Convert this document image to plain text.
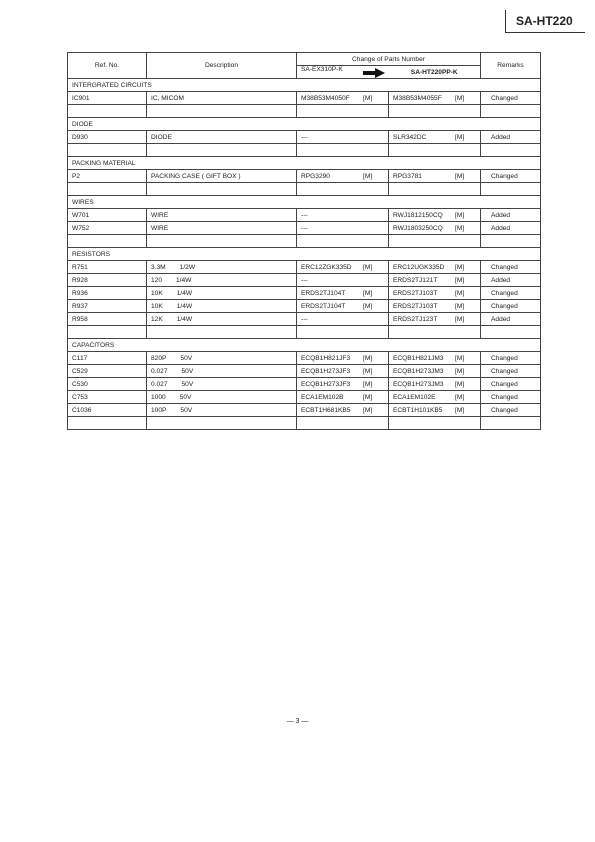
SA-HT220
Ref. No.	Description	Change of Parts Number		Remarks
		SA-EX310P-K	SA-HT220PP-K	
INTERGRATED CIRCUITS				
IC901	IC, MICOM	M38B53M4050F [M]	M38B53M4055F [M]	Changed

DIODE				
D930	DIODE	---	SLR342DC [M]	Added

PACKING MATERIAL				
P2	PACKING CASE ( GIFT BOX )	RPG3290 [M]	RPG3781 [M]	Changed

WIRES				
W701	WIRE	---	RWJ1812150CQ [M]	Added
W752	WIRE	---	RWJ1803250CQ [M]	Added

RESISTORS				
R751	3.3M 1/2W	ERC12ZGK335D [M]	ERC12UGK335D [M]	Changed
R928	120 1/4W	---	ERDS2TJ121T [M]	Added
R936	10K 1/4W	ERDS2TJ104T [M]	ERDS2TJ103T [M]	Changed
R937	10K 1/4W	ERDS2TJ104T [M]	ERDS2TJ103T [M]	Changed
R958	12K 1/4W	---	ERDS2TJ123T [M]	Added

CAPACITORS				
C117	820P 50V	ECQB1H821JF3 [M]	ECQB1H821JM3 [M]	Changed
C529	0.027 50V	ECQB1H273JF3 [M]	ECQB1H273JM3 [M]	Changed
C530	0.027 50V	ECQB1H273JF3 [M]	ECQB1H273JM3 [M]	Changed
C753	1000 50V	ECA1EM102B [M]	ECA1EM102E [M]	Changed
C1036	100P 50V	ECBT1H681KB5 [M]	ECBT1H101KB5 [M]	Changed

— 3 —
